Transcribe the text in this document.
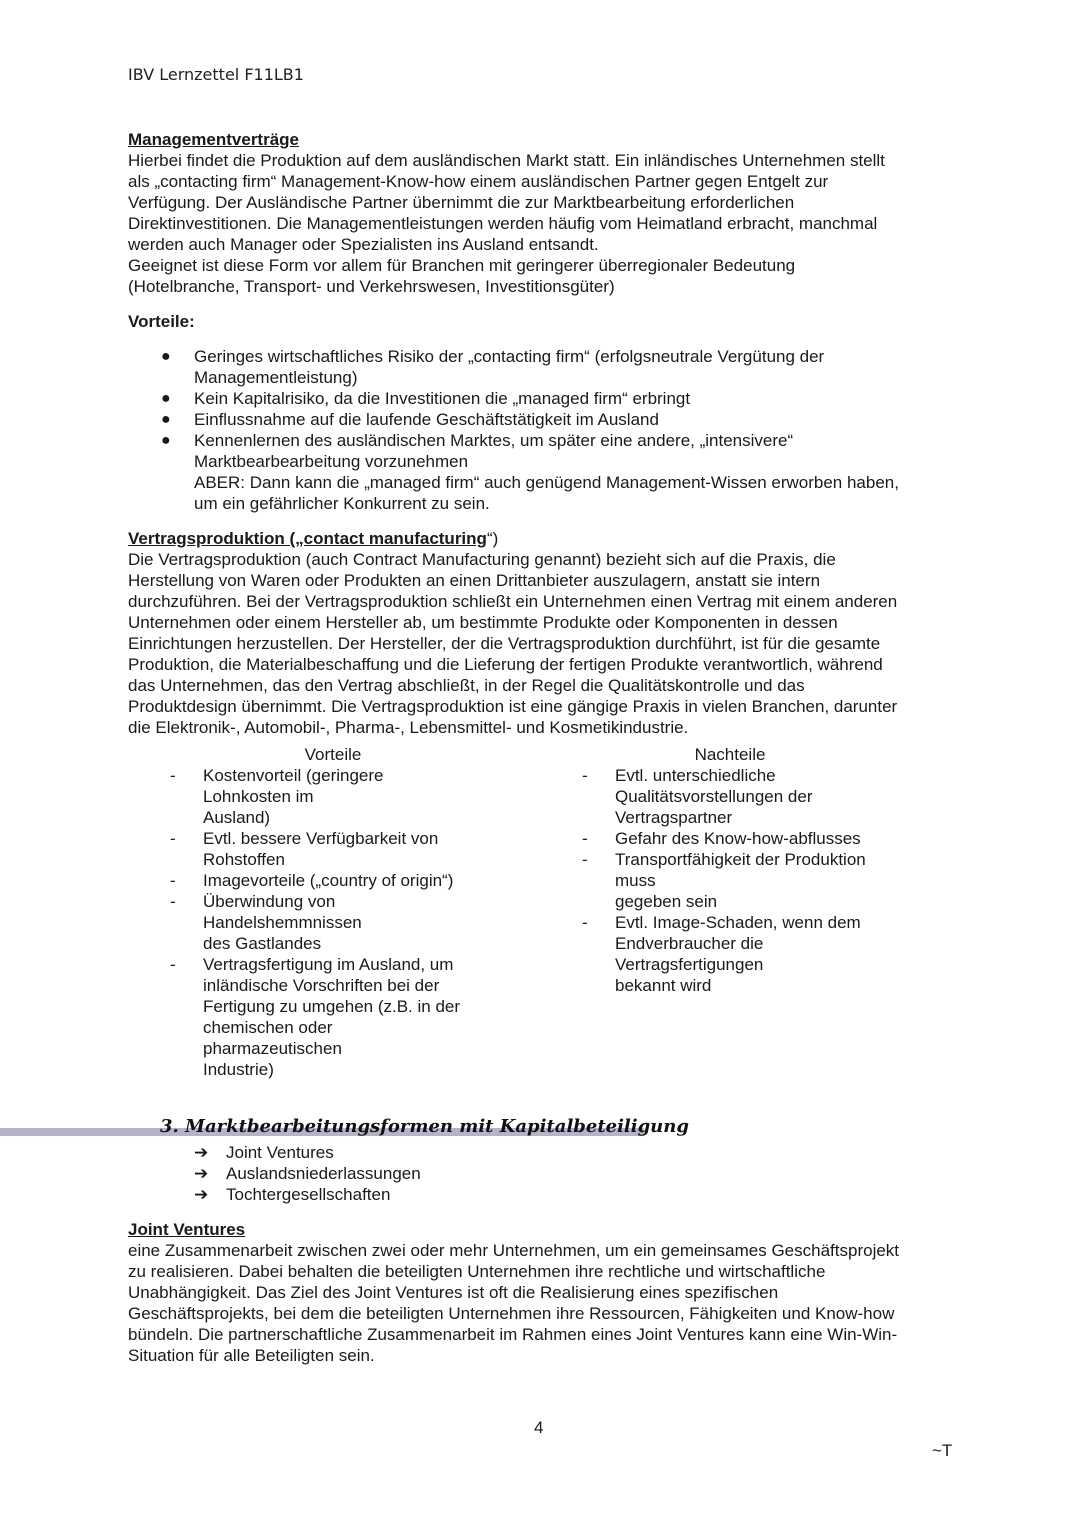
IBV Lernzettel F11LB1
Managementverträge
Hierbei findet die Produktion auf dem ausländischen Markt statt. Ein inländisches Unternehmen stellt
als „contacting firm“ Management-Know-how einem ausländischen Partner gegen Entgelt zur
Verfügung. Der Ausländische Partner übernimmt die zur Marktbearbeitung erforderlichen
Direktinvestitionen. Die Managementleistungen werden häufig vom Heimatland erbracht, manchmal
werden auch Manager oder Spezialisten ins Ausland entsandt.
Geeignet ist diese Form vor allem für Branchen mit geringerer überregionaler Bedeutung
(Hotelbranche, Transport- und Verkehrswesen, Investitionsgüter)
Vorteile:
● Geringes wirtschaftliches Risiko der „contacting firm“ (erfolgsneutrale Vergütung der
Managementleistung)
● Kein Kapitalrisiko, da die Investitionen die „managed firm“ erbringt
● Einflussnahme auf die laufende Geschäftstätigkeit im Ausland
● Kennenlernen des ausländischen Marktes, um später eine andere, „intensivere“
Marktbearbearbeitung vorzunehmen
ABER: Dann kann die „managed firm“ auch genügend Management-Wissen erworben haben,
um ein gefährlicher Konkurrent zu sein.
Vertragsproduktion („contact manufacturing“)
Die Vertragsproduktion (auch Contract Manufacturing genannt) bezieht sich auf die Praxis, die
Herstellung von Waren oder Produkten an einen Drittanbieter auszulagern, anstatt sie intern
durchzuführen. Bei der Vertragsproduktion schließt ein Unternehmen einen Vertrag mit einem anderen
Unternehmen oder einem Hersteller ab, um bestimmte Produkte oder Komponenten in dessen
Einrichtungen herzustellen. Der Hersteller, der die Vertragsproduktion durchführt, ist für die gesamte
Produktion, die Materialbeschaffung und die Lieferung der fertigen Produkte verantwortlich, während
das Unternehmen, das den Vertrag abschließt, in der Regel die Qualitätskontrolle und das
Produktdesign übernimmt. Die Vertragsproduktion ist eine gängige Praxis in vielen Branchen, darunter
die Elektronik-, Automobil-, Pharma-, Lebensmittel- und Kosmetikindustrie.
Vorteile
- Kostenvorteil (geringere Lohnkosten im
Ausland)
- Evtl. bessere Verfügbarkeit von
Rohstoffen
- Imagevorteile („country of origin“)
- Überwindung von Handelshemmnissen
des Gastlandes
- Vertragsfertigung im Ausland, um
inländische Vorschriften bei der
Fertigung zu umgehen (z.B. in der
chemischen oder pharmazeutischen
Industrie)
Nachteile
- Evtl. unterschiedliche
Qualitätsvorstellungen der
Vertragspartner
- Gefahr des Know-how-abflusses
- Transportfähigkeit der Produktion muss
gegeben sein
- Evtl. Image-Schaden, wenn dem
Endverbraucher die Vertragsfertigungen
bekannt wird
3. Marktbearbeitungsformen mit Kapitalbeteiligung
➔ Joint Ventures
➔ Auslandsniederlassungen
➔ Tochtergesellschaften
Joint Ventures
eine Zusammenarbeit zwischen zwei oder mehr Unternehmen, um ein gemeinsames Geschäftsprojekt
zu realisieren. Dabei behalten die beteiligten Unternehmen ihre rechtliche und wirtschaftliche
Unabhängigkeit. Das Ziel des Joint Ventures ist oft die Realisierung eines spezifischen
Geschäftsprojekts, bei dem die beteiligten Unternehmen ihre Ressourcen, Fähigkeiten und Know-how
bündeln. Die partnerschaftliche Zusammenarbeit im Rahmen eines Joint Ventures kann eine Win-Win-
Situation für alle Beteiligten sein.
4
~T
